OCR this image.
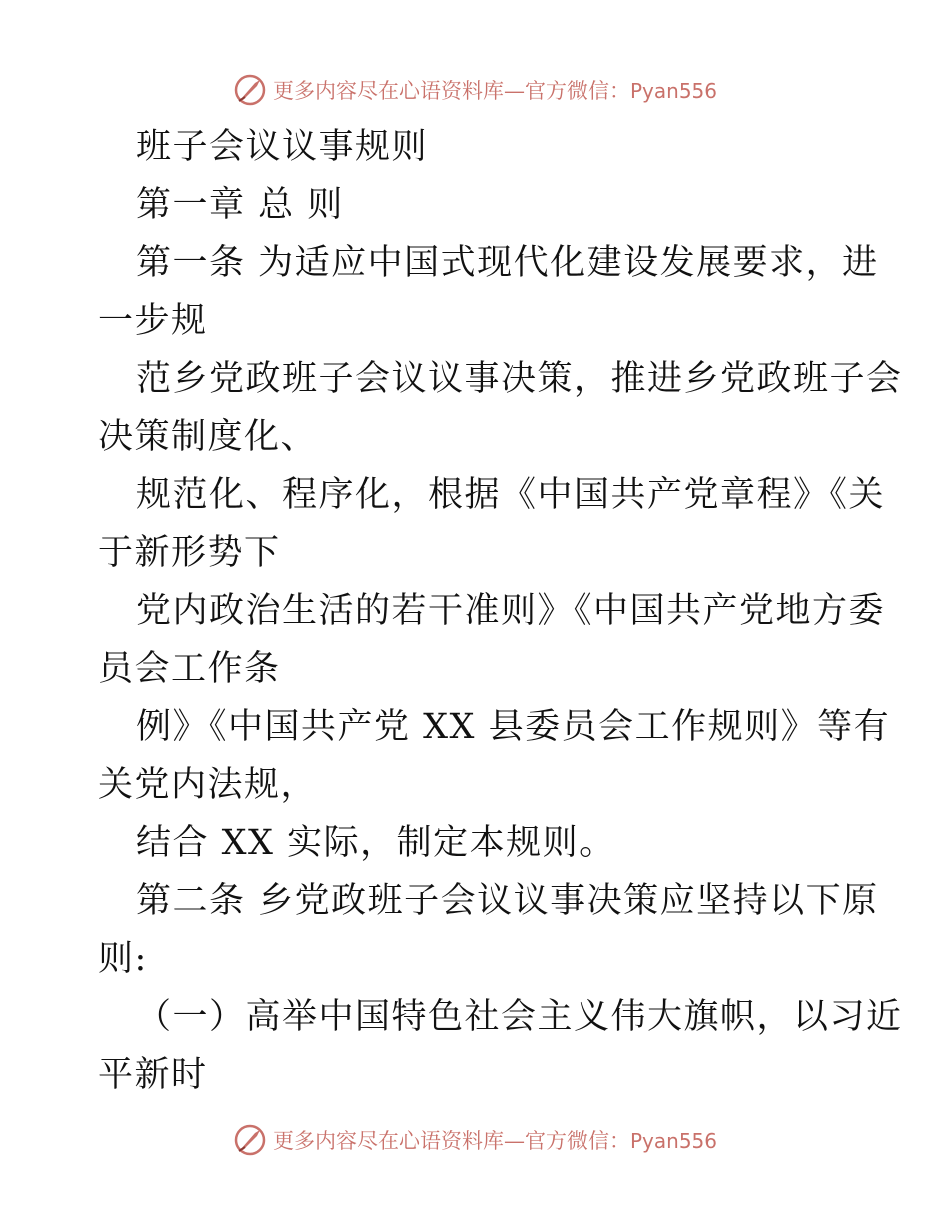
更多内容尽在心语资料库—官方微信：Pyan556
班子会议议事规则
第一章 总 则
第一条 为适应中国式现代化建设发展要求，进
一步规
范乡党政班子会议议事决策，推进乡党政班子会
决策制度化、
规范化、程序化，根据《中国共产党章程》《关
于新形势下
党内政治生活的若干准则》《中国共产党地方委
员会工作条
例》《中国共产党 XX 县委员会工作规则》等有
关党内法规，
结合 XX 实际，制定本规则。
第二条 乡党政班子会议议事决策应坚持以下原
则:
（一）高举中国特色社会主义伟大旗帜，以习近
平新时
更多内容尽在心语资料库—官方微信：Pyan556
